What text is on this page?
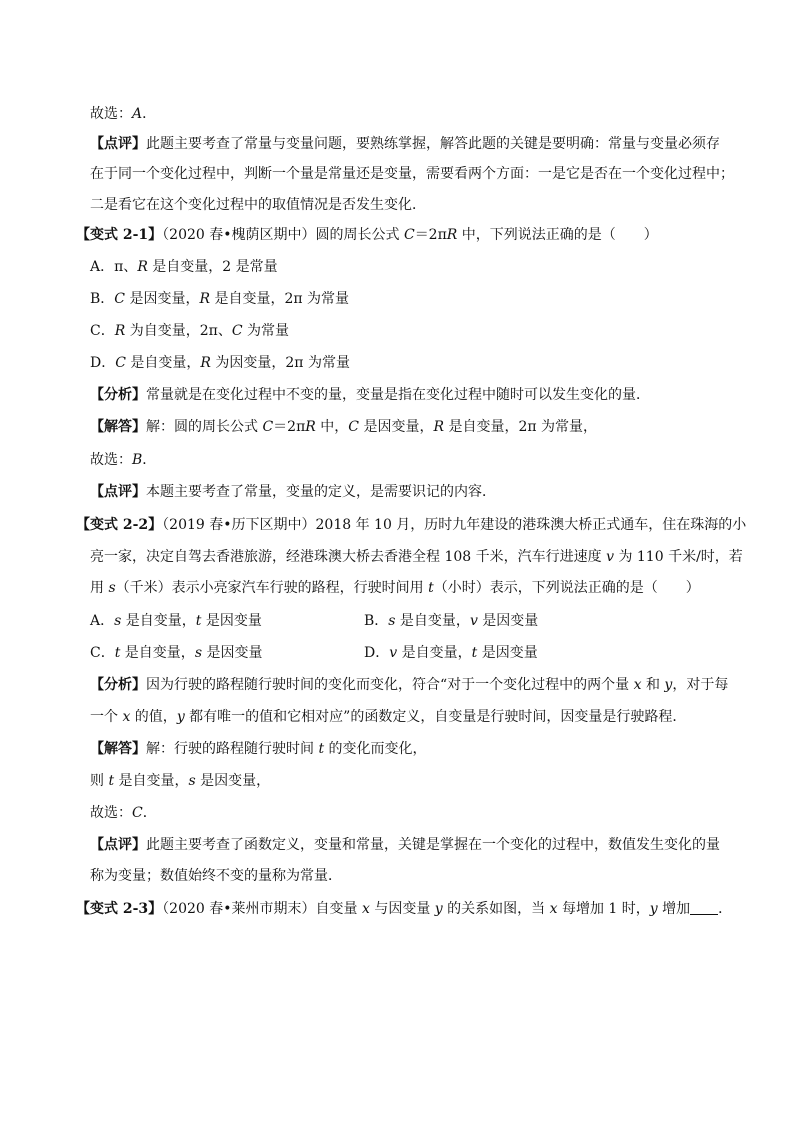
故选：A．
【点评】此题主要考查了常量与变量问题，要熟练掌握，解答此题的关键是要明确：常量与变量必须存
在于同一个变化过程中，判断一个量是常量还是变量，需要看两个方面：一是它是否在一个变化过程中；
二是看它在这个变化过程中的取值情况是否发生变化．
【变式 2-1】（2020 春•槐荫区期中）圆的周长公式 C＝2πR 中，下列说法正确的是（　　）
A．π、R 是自变量，2 是常量
B．C 是因变量，R 是自变量，2π 为常量
C．R 为自变量，2π、C 为常量
D．C 是自变量，R 为因变量，2π 为常量
【分析】常量就是在变化过程中不变的量，变量是指在变化过程中随时可以发生变化的量．
【解答】解：圆的周长公式 C＝2πR 中，C 是因变量，R 是自变量，2π 为常量，
故选：B．
【点评】本题主要考查了常量，变量的定义，是需要识记的内容．
【变式 2-2】（2019 春•历下区期中）2018 年 10 月，历时九年建设的港珠澳大桥正式通车，住在珠海的小
亮一家，决定自驾去香港旅游，经港珠澳大桥去香港全程 108 千米，汽车行进速度 v 为 110 千米/时，若
用 s（千米）表示小亮家汽车行驶的路程，行驶时间用 t（小时）表示，下列说法正确的是（　　）
A．s 是自变量，t 是因变量	B．s 是自变量，v 是因变量
C．t 是自变量，s 是因变量	D．v 是自变量，t 是因变量
【分析】因为行驶的路程随行驶时间的变化而变化，符合“对于一个变化过程中的两个量 x 和 y，对于每
一个 x 的值，y 都有唯一的值和它相对应”的函数定义，自变量是行驶时间，因变量是行驶路程．
【解答】解：行驶的路程随行驶时间 t 的变化而变化，
则 t 是自变量，s 是因变量，
故选：C．
【点评】此题主要考查了函数定义，变量和常量，关键是掌握在一个变化的过程中，数值发生变化的量
称为变量；数值始终不变的量称为常量．
【变式 2-3】（2020 春•莱州市期末）自变量 x 与因变量 y 的关系如图，当 x 每增加 1 时，y 增加 ．
